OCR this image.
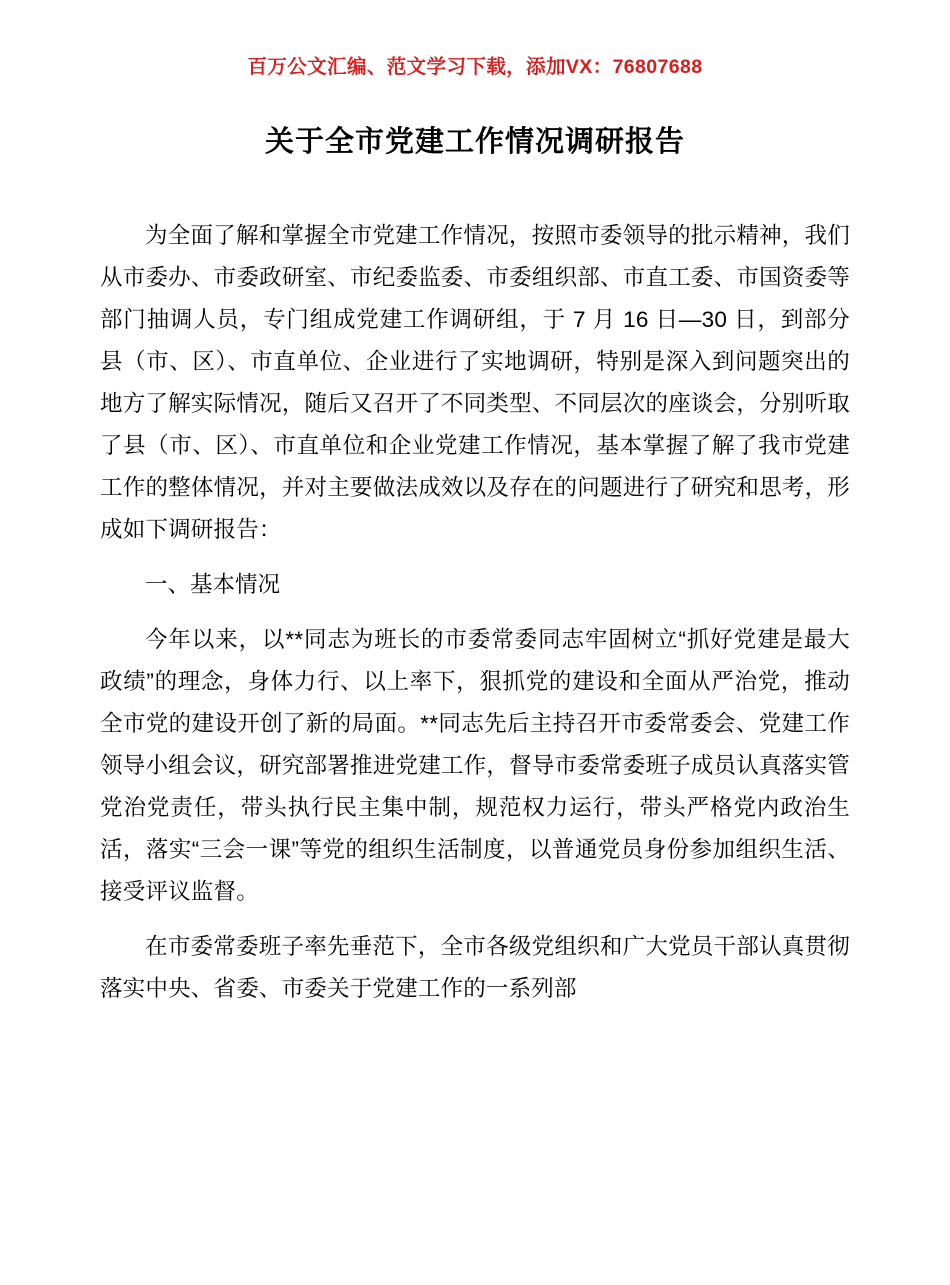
百万公文汇编、范文学习下载，添加VX：76807688
关于全市党建工作情况调研报告

为全面了解和掌握全市党建工作情况，按照市委领导的批示精神，我们从市委办、市委政研室、市纪委监委、市委组织部、市直工委、市国资委等部门抽调人员，专门组成党建工作调研组，于 7 月 16 日—30 日，到部分县（市、区）、市直单位、企业进行了实地调研，特别是深入到问题突出的地方了解实际情况，随后又召开了不同类型、不同层次的座谈会，分别听取了县（市、区）、市直单位和企业党建工作情况，基本掌握了解了我市党建工作的整体情况，并对主要做法成效以及存在的问题进行了研究和思考，形成如下调研报告：

一、基本情况

今年以来，以**同志为班长的市委常委同志牢固树立“抓好党建是最大政绩”的理念，身体力行、以上率下，狠抓党的建设和全面从严治党，推动全市党的建设开创了新的局面。**同志先后主持召开市委常委会、党建工作领导小组会议，研究部署推进党建工作，督导市委常委班子成员认真落实管党治党责任，带头执行民主集中制，规范权力运行，带头严格党内政治生活，落实“三会一课”等党的组织生活制度，以普通党员身份参加组织生活、接受评议监督。

在市委常委班子率先垂范下，全市各级党组织和广大党员干部认真贯彻落实中央、省委、市委关于党建工作的一系列部
